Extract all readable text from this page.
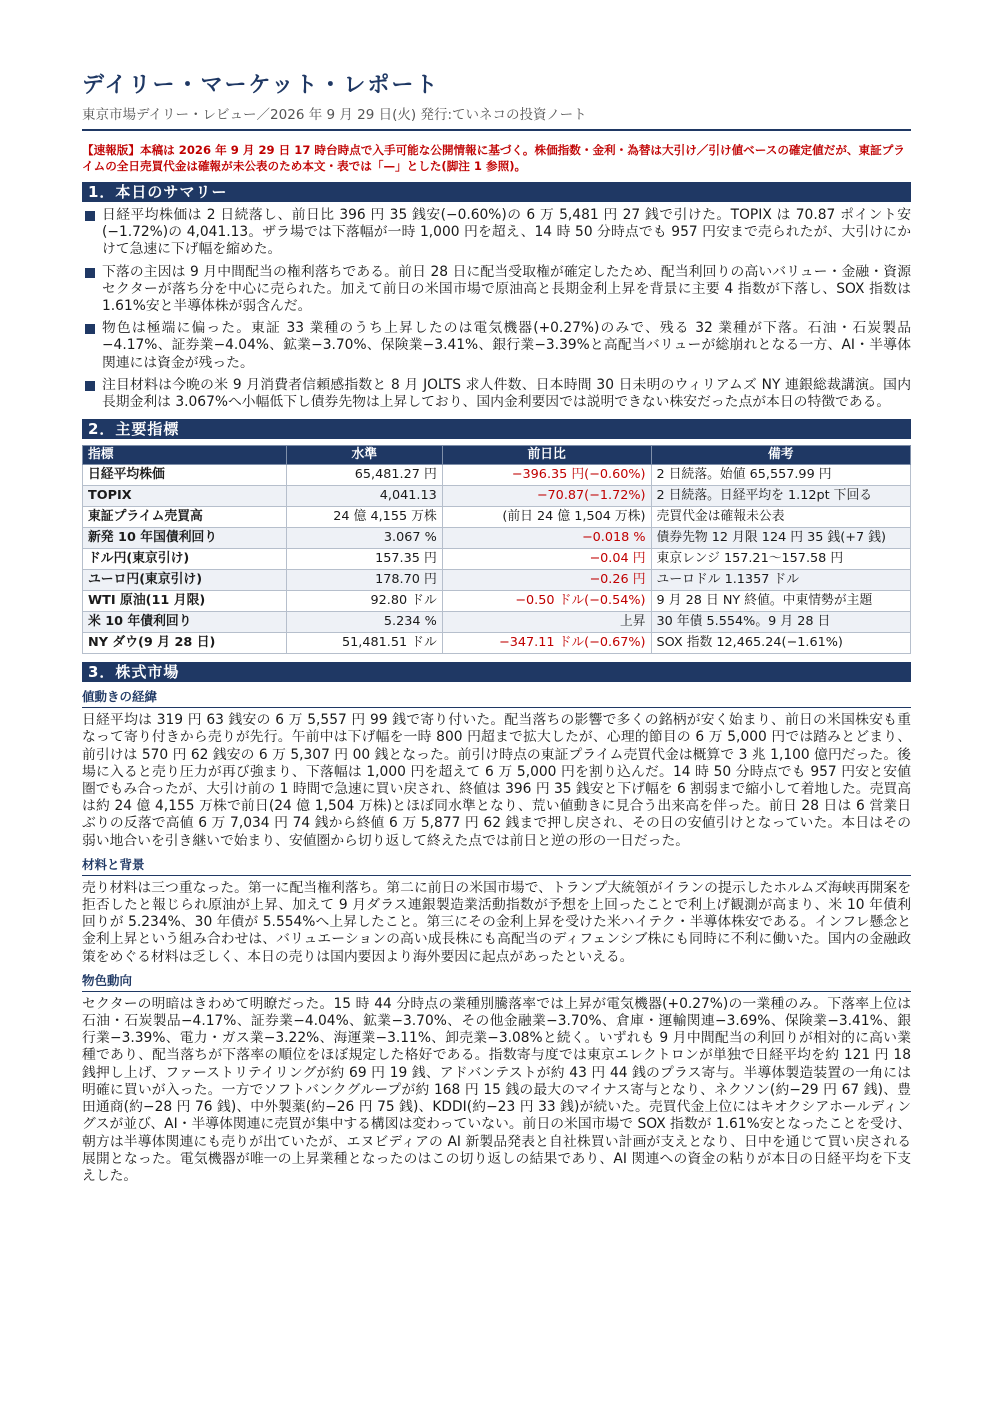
デイリー・マーケット・レポート
東京市場デイリー・レビュー／2026 年 9 月 29 日(火) 発行:ていネコの投資ノート
【速報版】本稿は 2026 年 9 月 29 日 17 時台時点で入手可能な公開情報に基づく。株価指数・金利・為替は大引け／引け値ベースの確定値だが、東証プライムの全日売買代金は確報が未公表のため本文・表では「—」とした(脚注 1 参照)。
1．本日のサマリー
日経平均株価は 2 日続落し、前日比 396 円 35 銭安(−0.60%)の 6 万 5,481 円 27 銭で引けた。TOPIX は 70.87 ポイント安(−1.72%)の 4,041.13。ザラ場では下落幅が一時 1,000 円を超え、14 時 50 分時点でも 957 円安まで売られたが、大引けにかけて急速に下げ幅を縮めた。
下落の主因は 9 月中間配当の権利落ちである。前日 28 日に配当受取権が確定したため、配当利回りの高いバリュー・金融・資源セクターが落ち分を中心に売られた。加えて前日の米国市場で原油高と長期金利上昇を背景に主要 4 指数が下落し、SOX 指数は 1.61%安と半導体株が弱含んだ。
物色は極端に偏った。東証 33 業種のうち上昇したのは電気機器(+0.27%)のみで、残る 32 業種が下落。石油・石炭製品−4.17%、証券業−4.04%、鉱業−3.70%、保険業−3.41%、銀行業−3.39%と高配当バリューが総崩れとなる一方、AI・半導体関連には資金が残った。
注目材料は今晩の米 9 月消費者信頼感指数と 8 月 JOLTS 求人件数、日本時間 30 日未明のウィリアムズ NY 連銀総裁講演。国内長期金利は 3.067%へ小幅低下し債券先物は上昇しており、国内金利要因では説明できない株安だった点が本日の特徴である。
2．主要指標
指標	水準	前日比	備考
日経平均株価	65,481.27 円	−396.35 円(−0.60%)	2 日続落。始値 65,557.99 円
TOPIX	4,041.13	−70.87(−1.72%)	2 日続落。日経平均を 1.12pt 下回る
東証プライム売買高	24 億 4,155 万株	(前日 24 億 1,504 万株)	売買代金は確報未公表
新発 10 年国債利回り	3.067 %	−0.018 %	債券先物 12 月限 124 円 35 銭(+7 銭)
ドル円(東京引け)	157.35 円	−0.04 円	東京レンジ 157.21～157.58 円
ユーロ円(東京引け)	178.70 円	−0.26 円	ユーロドル 1.1357 ドル
WTI 原油(11 月限)	92.80 ドル	−0.50 ドル(−0.54%)	9 月 28 日 NY 終値。中東情勢が主題
米 10 年債利回り	5.234 %	上昇	30 年債 5.554%。9 月 28 日
NY ダウ(9 月 28 日)	51,481.51 ドル	−347.11 ドル(−0.67%)	SOX 指数 12,465.24(−1.61%)
3．株式市場
値動きの経緯
日経平均は 319 円 63 銭安の 6 万 5,557 円 99 銭で寄り付いた。配当落ちの影響で多くの銘柄が安く始まり、前日の米国株安も重なって寄り付きから売りが先行。午前中は下げ幅を一時 800 円超まで拡大したが、心理的節目の 6 万 5,000 円では踏みとどまり、前引けは 570 円 62 銭安の 6 万 5,307 円 00 銭となった。前引け時点の東証プライム売買代金は概算で 3 兆 1,100 億円だった。後場に入ると売り圧力が再び強まり、下落幅は 1,000 円を超えて 6 万 5,000 円を割り込んだ。14 時 50 分時点でも 957 円安と安値圏でもみ合ったが、大引け前の 1 時間で急速に買い戻され、終値は 396 円 35 銭安と下げ幅を 6 割弱まで縮小して着地した。売買高は約 24 億 4,155 万株で前日(24 億 1,504 万株)とほぼ同水準となり、荒い値動きに見合う出来高を伴った。前日 28 日は 6 営業日ぶりの反落で高値 6 万 7,034 円 74 銭から終値 6 万 5,877 円 62 銭まで押し戻され、その日の安値引けとなっていた。本日はその弱い地合いを引き継いで始まり、安値圏から切り返して終えた点では前日と逆の形の一日だった。
材料と背景
売り材料は三つ重なった。第一に配当権利落ち。第二に前日の米国市場で、トランプ大統領がイランの提示したホルムズ海峡再開案を拒否したと報じられ原油が上昇、加えて 9 月ダラス連銀製造業活動指数が予想を上回ったことで利上げ観測が高まり、米 10 年債利回りが 5.234%、30 年債が 5.554%へ上昇したこと。第三にその金利上昇を受けた米ハイテク・半導体株安である。インフレ懸念と金利上昇という組み合わせは、バリュエーションの高い成長株にも高配当のディフェンシブ株にも同時に不利に働いた。国内の金融政策をめぐる材料は乏しく、本日の売りは国内要因より海外要因に起点があったといえる。
物色動向
セクターの明暗はきわめて明瞭だった。15 時 44 分時点の業種別騰落率では上昇が電気機器(+0.27%)の一業種のみ。下落率上位は石油・石炭製品−4.17%、証券業−4.04%、鉱業−3.70%、その他金融業−3.70%、倉庫・運輸関連−3.69%、保険業−3.41%、銀行業−3.39%、電力・ガス業−3.22%、海運業−3.11%、卸売業−3.08%と続く。いずれも 9 月中間配当の利回りが相対的に高い業種であり、配当落ちが下落率の順位をほぼ規定した格好である。指数寄与度では東京エレクトロンが単独で日経平均を約 121 円 18 銭押し上げ、ファーストリテイリングが約 69 円 19 銭、アドバンテストが約 43 円 44 銭のプラス寄与。半導体製造装置の一角には明確に買いが入った。一方でソフトバンクグループが約 168 円 15 銭の最大のマイナス寄与となり、ネクソン(約−29 円 67 銭)、豊田通商(約−28 円 76 銭)、中外製薬(約−26 円 75 銭)、KDDI(約−23 円 33 銭)が続いた。売買代金上位にはキオクシアホールディングスが並び、AI・半導体関連に売買が集中する構図は変わっていない。前日の米国市場で SOX 指数が 1.61%安となったことを受け、朝方は半導体関連にも売りが出ていたが、エヌビディアの AI 新製品発表と自社株買い計画が支えとなり、日中を通じて買い戻される展開となった。電気機器が唯一の上昇業種となったのはこの切り返しの結果であり、AI 関連への資金の粘りが本日の日経平均を下支えした。
